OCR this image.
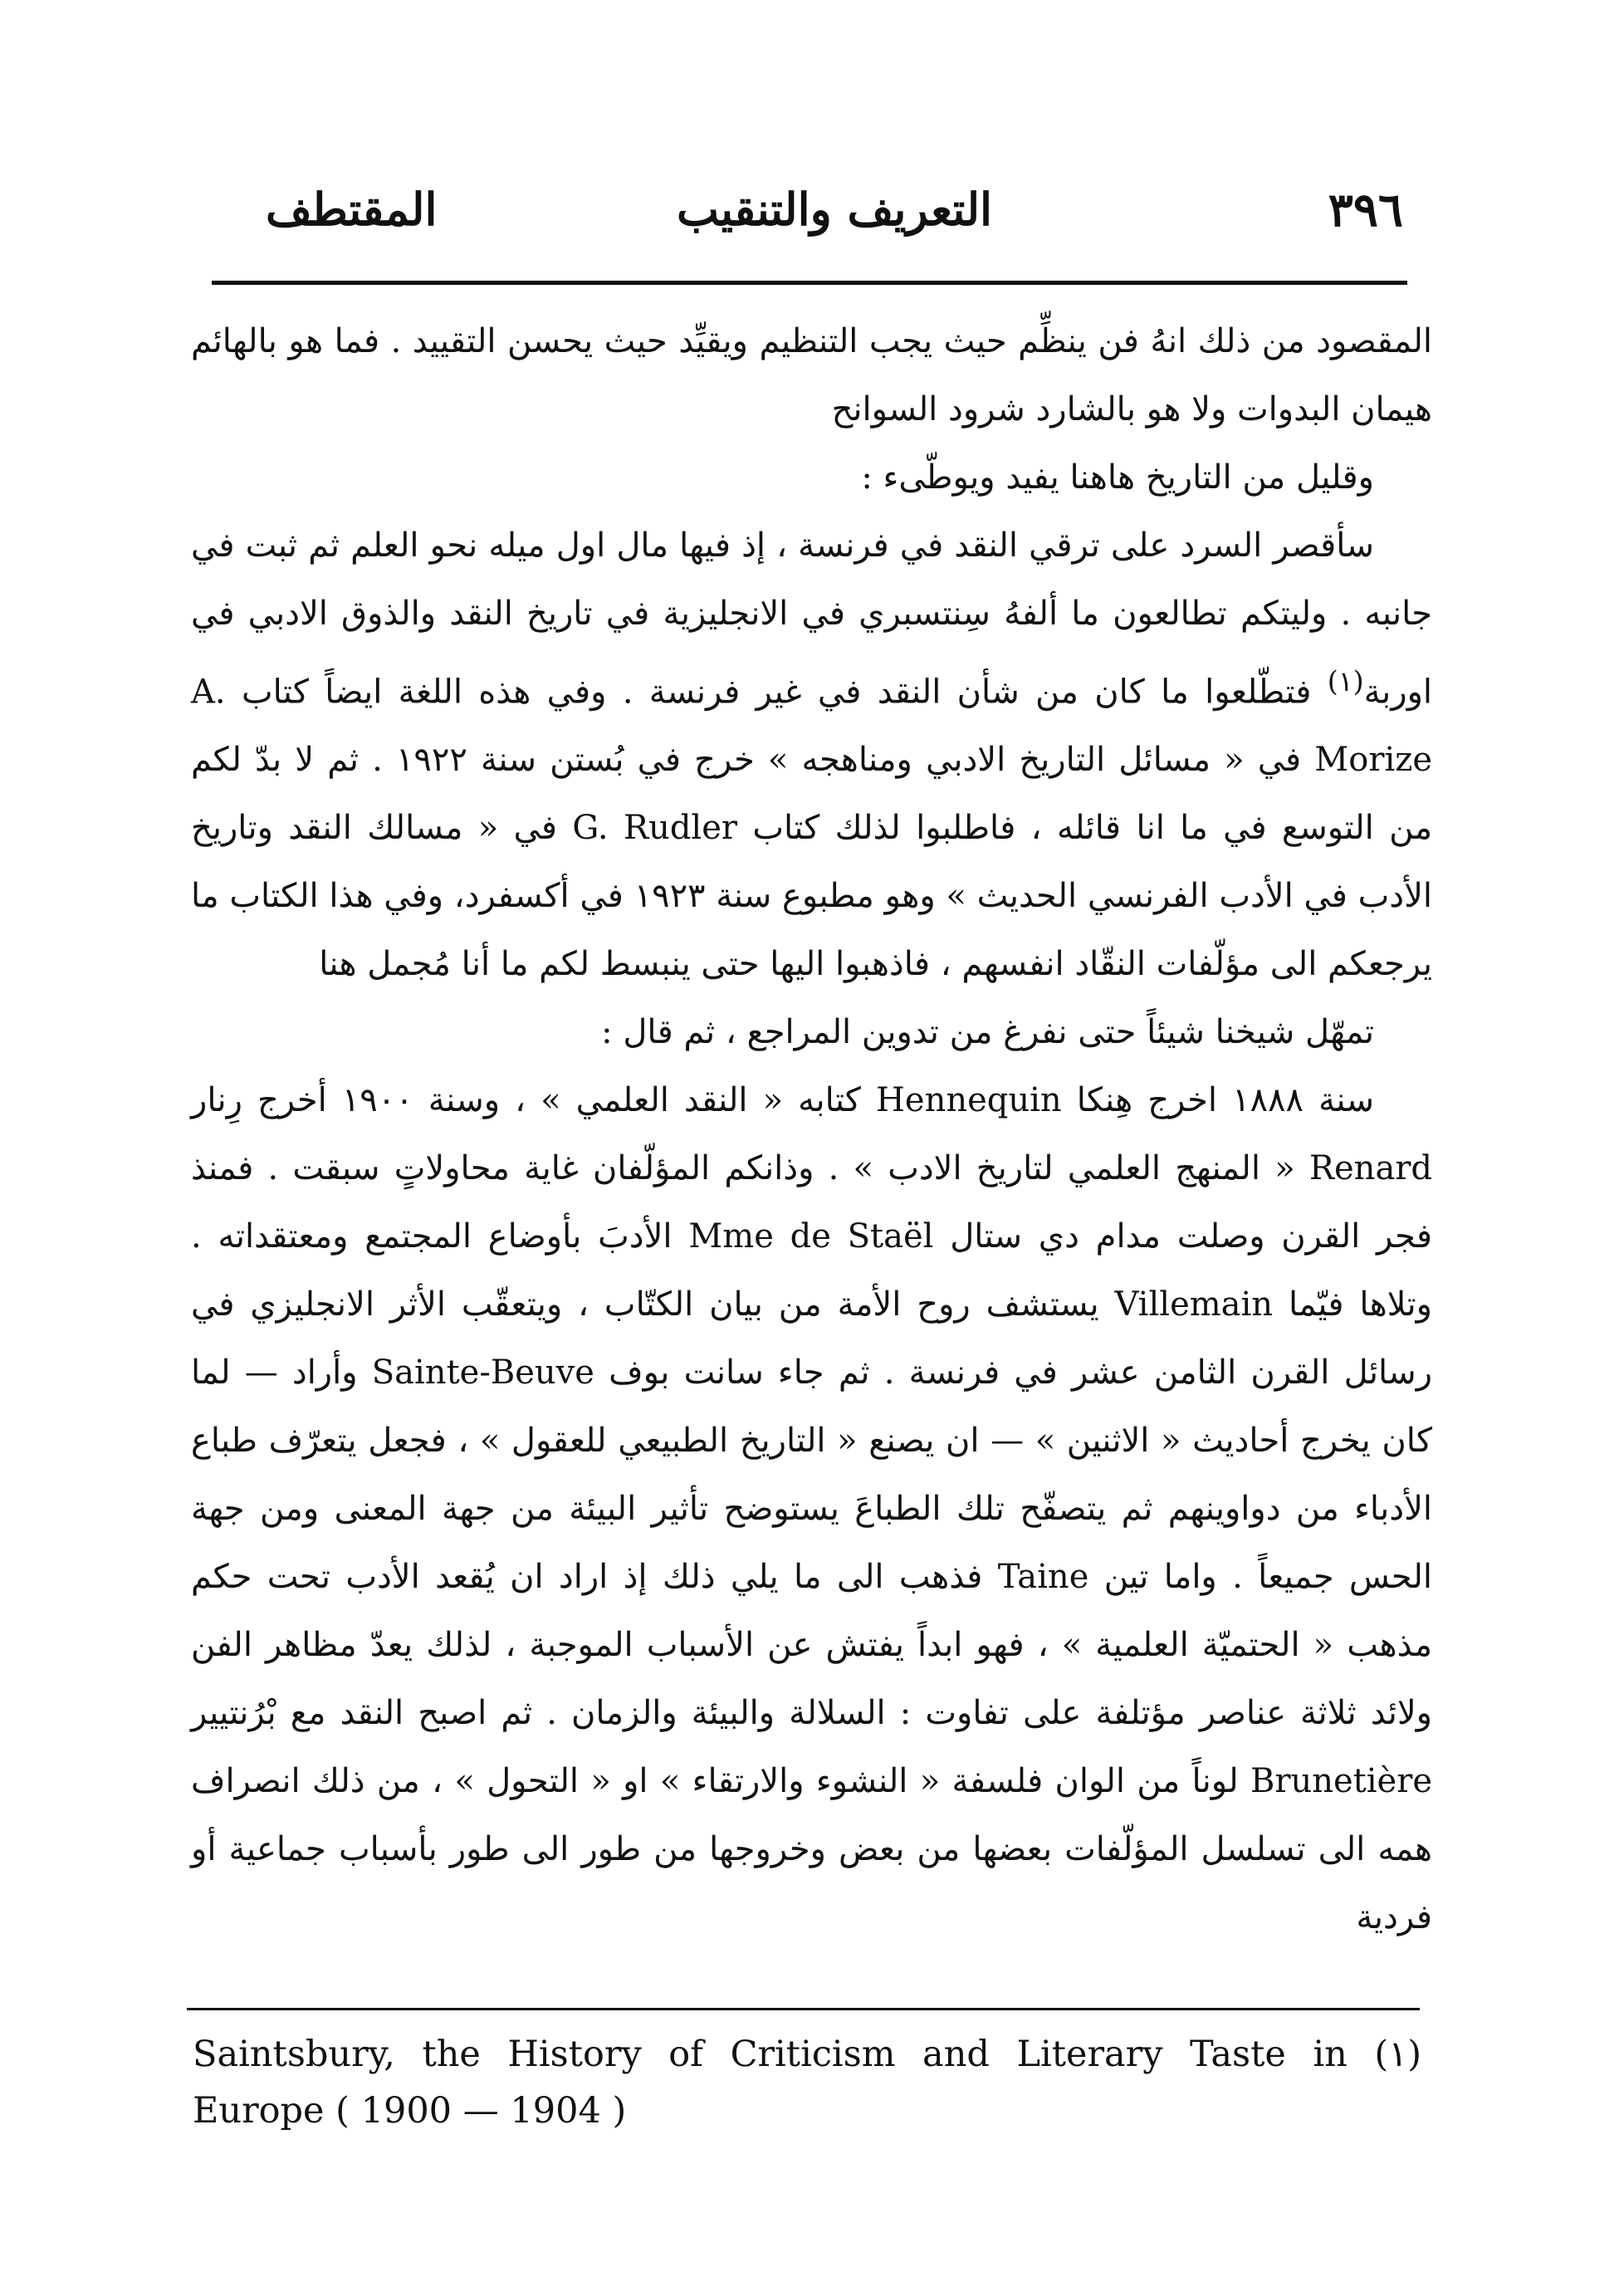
٣٩٦
التعريف والتنقيب
المقتطف

المقصود من ذلك انهُ فن ينظِّم حيث يجب التنظيم ويقيِّد حيث يحسن التقييد . فما هو بالهائم هيمان البدوات ولا هو بالشارد شرود السوانح

وقليل من التاريخ هاهنا يفيد ويوطّىء :

سأقصر السرد على ترقي النقد في فرنسة ، إذ فيها مال اول ميله نحو العلم ثم ثبت في جانبه . وليتكم تطالعون ما ألفهُ سِنتسبري في الانجليزية في تاريخ النقد والذوق الادبي في اوربة$^{(١)}$ فتطّلعوا ما كان من شأن النقد في غير فرنسة . وفي هذه اللغة ايضاً كتاب A. Morize في « مسائل التاريخ الادبي ومناهجه » خرج في بُستن سنة ١٩٢٢ . ثم لا بدّ لكم من التوسع في ما انا قائله ، فاطلبوا لذلك كتاب G. Rudler في « مسالك النقد وتاريخ الأدب في الأدب الفرنسي الحديث » وهو مطبوع سنة ١٩٢٣ في أكسفرد، وفي هذا الكتاب ما يرجعكم الى مؤلّفات النقّاد انفسهم ، فاذهبوا اليها حتى ينبسط لكم ما أنا مُجمل هنا

تمهّل شيخنا شيئاً حتى نفرغ من تدوين المراجع ، ثم قال :

سنة ١٨٨٨ اخرج هِنكا Hennequin كتابه « النقد العلمي » ، وسنة ١٩٠٠ أخرج رِنار Renard « المنهج العلمي لتاريخ الادب » . وذانكم المؤلّفان غاية محاولاتٍ سبقت . فمنذ فجر القرن وصلت مدام دي ستال Mme de Staël الأدبَ بأوضاع المجتمع ومعتقداته . وتلاها فيّما Villemain يستشف روح الأمة من بيان الكتّاب ، ويتعقّب الأثر الانجليزي في رسائل القرن الثامن عشر في فرنسة . ثم جاء سانت بوف Sainte-Beuve وأراد — لما كان يخرج أحاديث « الاثنين » — ان يصنع « التاريخ الطبيعي للعقول » ، فجعل يتعرّف طباع الأدباء من دواوينهم ثم يتصفّح تلك الطباعَ يستوضح تأثير البيئة من جهة المعنى ومن جهة الحس جميعاً . واما تين Taine فذهب الى ما يلي ذلك إذ اراد ان يُقعد الأدب تحت حكم مذهب « الحتميّة العلمية » ، فهو ابداً يفتش عن الأسباب الموجبة ، لذلك يعدّ مظاهر الفن ولائد ثلاثة عناصر مؤتلفة على تفاوت : السلالة والبيئة والزمان . ثم اصبح النقد مع بْرُنتيير Brunetière لوناً من الوان فلسفة « النشوء والارتقاء » او « التحول » ، من ذلك انصراف همه الى تسلسل المؤلّفات بعضها من بعض وخروجها من طور الى طور بأسباب جماعية أو فردية

Saintsbury, the History of Criticism and Literary Taste in (١)
Europe ( 1900 — 1904 )
